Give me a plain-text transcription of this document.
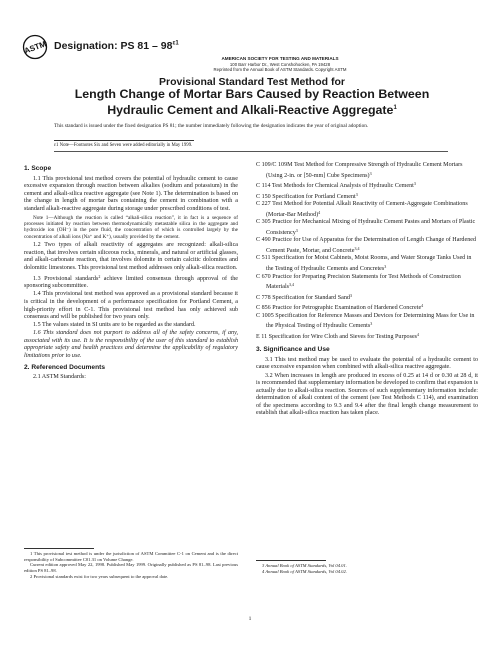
ASTM Designation: PS $81 - 98^{\varepsilon 1}$
AMERICAN SOCIETY FOR TESTING AND MATERIALS
100 Barr Harbor Dr., West Conshohocken, PA 19428
Reprinted from the Annual Book of ASTM Standards. Copyright ASTM
Provisional Standard Test Method for
Length Change of Mortar Bars Caused by Reaction Between
Hydraulic Cement and Alkali-Reactive Aggregate$^1$
This standard is issued under the fixed designation PS 81; the number immediately following the designation indicates the year of original adoption.
ε1 Note—Footnotes Six and Seven were added editorially in May 1999.
1. Scope

1.1 This provisional test method covers the potential of hydraulic cement to cause excessive expansion through reaction between alkalies (sodium and potassium) in the cement and alkali-silica reactive aggregate (see Note 1). The determination is based on the change in length of mortar bars containing the cement in combination with a standard alkali-reactive aggregate during storage under prescribed conditions of test.

Note 1—Although the reaction is called “alkali-silica reaction”, it in fact is a sequence of processes initiated by reaction between thermodynamically metastable silica in the aggregate and hydroxide ion (OH⁻) in the pore fluid, the concentration of which is controlled largely by the concentration of alkali ions (Na⁺ and K⁺), usually provided by the cement.

1.2 Two types of alkali reactivity of aggregates are recognized: alkali-silica reaction, that involves certain siliceous rocks, minerals, and natural or artificial glasses, and alkali-carbonate reaction, that involves dolomite in certain calcitic dolomites and dolomitic limestones. This provisional test method addresses only alkali-silica reaction.

1.3 Provisional standards$^2$ achieve limited consensus through approval of the sponsoring subcommittee.

1.4 This provisional test method was approved as a provisional standard because it is critical in the development of a performance specification for Portland Cement, a high-priority effort in C-1. This provisional test method has only achieved sub consensus and will be published for two years only.

1.5 The values stated in SI units are to be regarded as the standard.

1.6 This standard does not purport to address all of the safety concerns, if any, associated with its use. It is the responsibility of the user of this standard to establish appropriate safety and health practices and determine the applicability of regulatory limitations prior to use.

2. Referenced Documents

2.1 ASTM Standards:

C 109/C 109M Test Method for Compressive Strength of Hydraulic Cement Mortars (Using 2-in. or [50-mm] Cube Specimens)$^3$

C 114 Test Methods for Chemical Analysis of Hydraulic Cement$^3$

C 150 Specification for Portland Cement$^3$

C 227 Test Method for Potential Alkali Reactivity of Cement-Aggregate Combinations (Mortar-Bar Method)$^4$

C 305 Practice for Mechanical Mixing of Hydraulic Cement Pastes and Mortars of Plastic Consistency$^3$

C 490 Practice for Use of Apparatus for the Determination of Length Change of Hardened Cement Paste, Mortar, and Concrete$^{3,4}$

C 511 Specification for Moist Cabinets, Moist Rooms, and Water Storage Tanks Used in the Testing of Hydraulic Cements and Concretes$^3$

C 670 Practice for Preparing Precision Statements for Test Methods of Construction Materials$^{3,4}$

C 778 Specification for Standard Sand$^3$

C 856 Practice for Petrographic Examination of Hardened Concrete$^4$

C 1005 Specification for Reference Masses and Devices for Determining Mass for Use in the Physical Testing of Hydraulic Cements$^3$

E 11 Specification for Wire Cloth and Sieves for Testing Purposes$^4$

3. Significance and Use

3.1 This test method may be used to evaluate the potential of a hydraulic cement to cause excessive expansion when combined with alkali-silica reactive aggregate.

3.2 When increases in length are produced in excess of 0.25 at 14 d or 0.30 at 28 d, it is recommended that supplementary information be developed to confirm that expansion is actually due to alkali-silica reaction. Sources of such supplementary information include: determination of alkali content of the cement (see Test Methods C 114), and examination of the specimens according to 9.3 and 9.4 after the final length change measurement to establish that alkali-silica reaction has taken place.

1 This provisional test method is under the jurisdiction of ASTM Committee C-1 on Cement and is the direct responsibility of Subcommittee C01.31 on Volume Change.

Current edition approved May 22, 1998. Published May 1999. Originally published as PS 81–98. Last previous edition PS 81–98.

2 Provisional standards exist for two years subsequent to the approval date.

3 Annual Book of ASTM Standards, Vol 04.01.

4 Annual Book of ASTM Standards, Vol 04.02.

1
